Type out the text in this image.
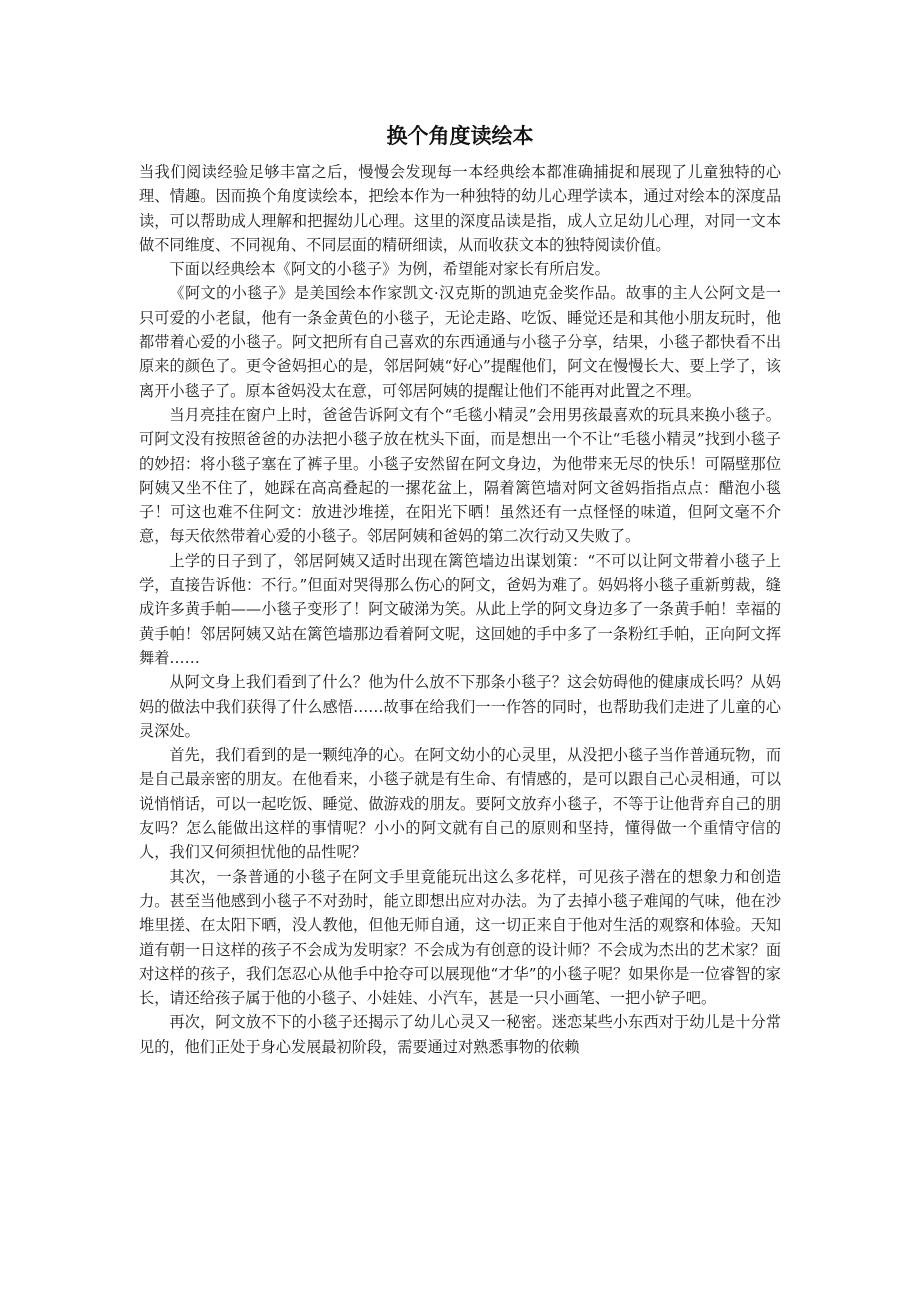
换个角度读绘本

当我们阅读经验足够丰富之后，慢慢会发现每一本经典绘本都准确捕捉和展现了儿童独特的心理、情趣。因而换个角度读绘本，把绘本作为一种独特的幼儿心理学读本，通过对绘本的深度品读，可以帮助成人理解和把握幼儿心理。这里的深度品读是指，成人立足幼儿心理，对同一文本做不同维度、不同视角、不同层面的精研细读，从而收获文本的独特阅读价值。

下面以经典绘本《阿文的小毯子》为例，希望能对家长有所启发。

《阿文的小毯子》是美国绘本作家凯文·汉克斯的凯迪克金奖作品。故事的主人公阿文是一只可爱的小老鼠，他有一条金黄色的小毯子，无论走路、吃饭、睡觉还是和其他小朋友玩时，他都带着心爱的小毯子。阿文把所有自己喜欢的东西通通与小毯子分享，结果，小毯子都快看不出原来的颜色了。更令爸妈担心的是，邻居阿姨“好心”提醒他们，阿文在慢慢长大、要上学了，该离开小毯子了。原本爸妈没太在意，可邻居阿姨的提醒让他们不能再对此置之不理。

当月亮挂在窗户上时，爸爸告诉阿文有个“毛毯小精灵”会用男孩最喜欢的玩具来换小毯子。可阿文没有按照爸爸的办法把小毯子放在枕头下面，而是想出一个不让“毛毯小精灵”找到小毯子的妙招：将小毯子塞在了裤子里。小毯子安然留在阿文身边，为他带来无尽的快乐！可隔壁那位阿姨又坐不住了，她踩在高高叠起的一摞花盆上，隔着篱笆墙对阿文爸妈指指点点：醋泡小毯子！可这也难不住阿文：放进沙堆搓，在阳光下晒！虽然还有一点怪怪的味道，但阿文毫不介意，每天依然带着心爱的小毯子。邻居阿姨和爸妈的第二次行动又失败了。

上学的日子到了，邻居阿姨又适时出现在篱笆墙边出谋划策：“不可以让阿文带着小毯子上学，直接告诉他：不行。”但面对哭得那么伤心的阿文，爸妈为难了。妈妈将小毯子重新剪裁，缝成许多黄手帕——小毯子变形了！阿文破涕为笑。从此上学的阿文身边多了一条黄手帕！幸福的黄手帕！邻居阿姨又站在篱笆墙那边看着阿文呢，这回她的手中多了一条粉红手帕，正向阿文挥舞着……

从阿文身上我们看到了什么？他为什么放不下那条小毯子？这会妨碍他的健康成长吗？从妈妈的做法中我们获得了什么感悟……故事在给我们一一作答的同时，也帮助我们走进了儿童的心灵深处。

首先，我们看到的是一颗纯净的心。在阿文幼小的心灵里，从没把小毯子当作普通玩物，而是自己最亲密的朋友。在他看来，小毯子就是有生命、有情感的，是可以跟自己心灵相通，可以说悄悄话，可以一起吃饭、睡觉、做游戏的朋友。要阿文放弃小毯子，不等于让他背弃自己的朋友吗？怎么能做出这样的事情呢？小小的阿文就有自己的原则和坚持，懂得做一个重情守信的人，我们又何须担忧他的品性呢？

其次，一条普通的小毯子在阿文手里竟能玩出这么多花样，可见孩子潜在的想象力和创造力。甚至当他感到小毯子不对劲时，能立即想出应对办法。为了去掉小毯子难闻的气味，他在沙堆里搓、在太阳下晒，没人教他，但他无师自通，这一切正来自于他对生活的观察和体验。天知道有朝一日这样的孩子不会成为发明家？不会成为有创意的设计师？不会成为杰出的艺术家？面对这样的孩子，我们怎忍心从他手中抢夺可以展现他“才华”的小毯子呢？如果你是一位睿智的家长，请还给孩子属于他的小毯子、小娃娃、小汽车，甚是一只小画笔、一把小铲子吧。

再次，阿文放不下的小毯子还揭示了幼儿心灵又一秘密。迷恋某些小东西对于幼儿是十分常见的，他们正处于身心发展最初阶段，需要通过对熟悉事物的依赖
